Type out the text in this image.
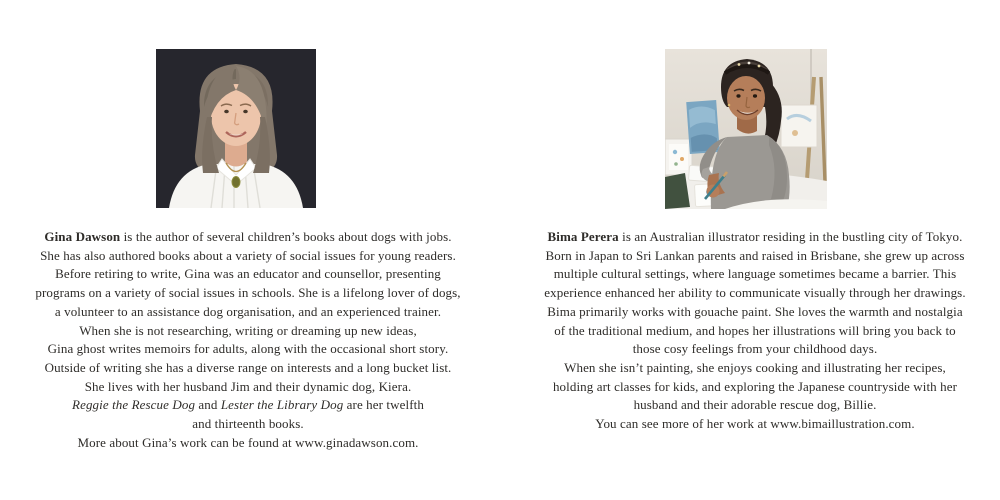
Gina Dawson is the author of several children’s books about dogs with jobs.
She has also authored books about a variety of social issues for young readers.
Before retiring to write, Gina was an educator and counsellor, presenting
programs on a variety of social issues in schools. She is a lifelong lover of dogs,
a volunteer to an assistance dog organisation, and an experienced trainer.
When she is not researching, writing or dreaming up new ideas,
Gina ghost writes memoirs for adults, along with the occasional short story.
Outside of writing she has a diverse range on interests and a long bucket list.
She lives with her husband Jim and their dynamic dog, Kiera.
Reggie the Rescue Dog and Lester the Library Dog are her twelfth
and thirteenth books.
More about Gina’s work can be found at www.ginadawson.com.
Bima Perera is an Australian illustrator residing in the bustling city of Tokyo.
Born in Japan to Sri Lankan parents and raised in Brisbane, she grew up across
multiple cultural settings, where language sometimes became a barrier. This
experience enhanced her ability to communicate visually through her drawings.
Bima primarily works with gouache paint. She loves the warmth and nostalgia
of the traditional medium, and hopes her illustrations will bring you back to
those cosy feelings from your childhood days.
When she isn’t painting, she enjoys cooking and illustrating her recipes,
holding art classes for kids, and exploring the Japanese countryside with her
husband and their adorable rescue dog, Billie.
You can see more of her work at www.bimaillustration.com.
